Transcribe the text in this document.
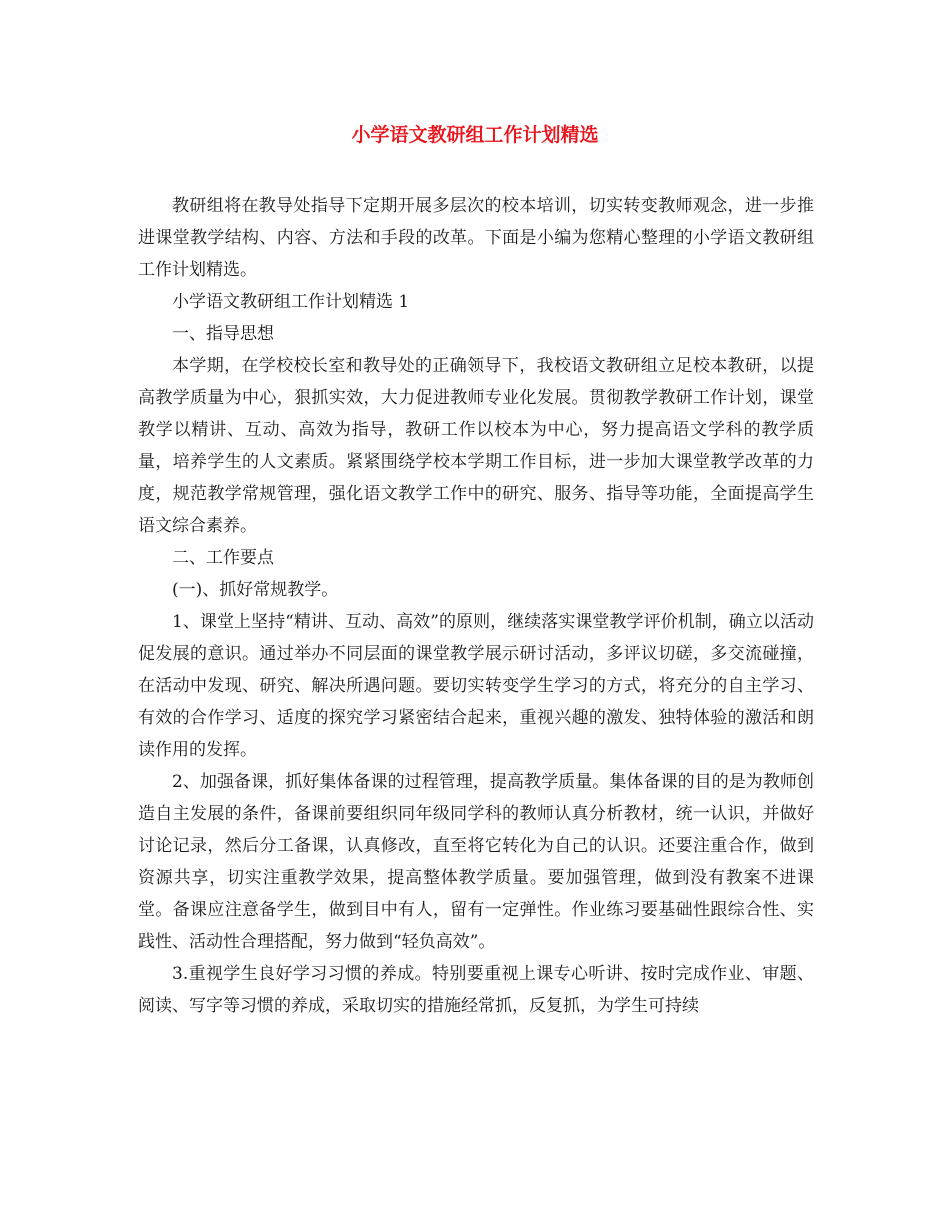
小学语文教研组工作计划精选

教研组将在教导处指导下定期开展多层次的校本培训，切实转变教师观念，进一步推进课堂教学结构、内容、方法和手段的改革。下面是小编为您精心整理的小学语文教研组工作计划精选。

小学语文教研组工作计划精选 1

一、指导思想

本学期，在学校校长室和教导处的正确领导下，我校语文教研组立足校本教研，以提高教学质量为中心，狠抓实效，大力促进教师专业化发展。贯彻教学教研工作计划，课堂教学以精讲、互动、高效为指导，教研工作以校本为中心，努力提高语文学科的教学质量，培养学生的人文素质。紧紧围绕学校本学期工作目标，进一步加大课堂教学改革的力度，规范教学常规管理，强化语文教学工作中的研究、服务、指导等功能，全面提高学生语文综合素养。

二、工作要点

(一)、抓好常规教学。

1、课堂上坚持“精讲、互动、高效”的原则，继续落实课堂教学评价机制，确立以活动促发展的意识。通过举办不同层面的课堂教学展示研讨活动，多评议切磋，多交流碰撞，在活动中发现、研究、解决所遇问题。要切实转变学生学习的方式，将充分的自主学习、有效的合作学习、适度的探究学习紧密结合起来，重视兴趣的激发、独特体验的激活和朗读作用的发挥。

2、加强备课，抓好集体备课的过程管理，提高教学质量。集体备课的目的是为教师创造自主发展的条件，备课前要组织同年级同学科的教师认真分析教材，统一认识，并做好讨论记录，然后分工备课，认真修改，直至将它转化为自己的认识。还要注重合作，做到资源共享，切实注重教学效果，提高整体教学质量。要加强管理，做到没有教案不进课堂。备课应注意备学生，做到目中有人，留有一定弹性。作业练习要基础性跟综合性、实践性、活动性合理搭配，努力做到“轻负高效”。

3.重视学生良好学习习惯的养成。特别要重视上课专心听讲、按时完成作业、审题、阅读、写字等习惯的养成，采取切实的措施经常抓，反复抓，为学生可持续
